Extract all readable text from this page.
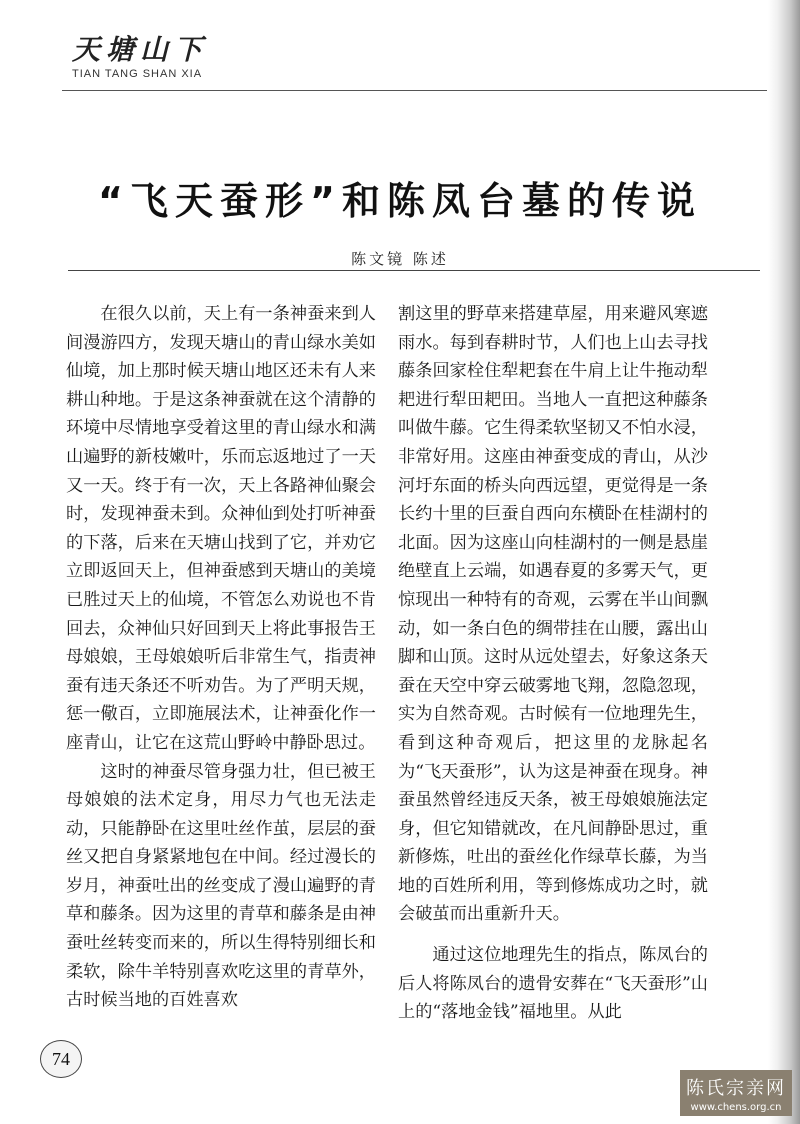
天塘山下
TIAN TANG SHAN XIA
“飞天蚕形”和陈凤台墓的传说
陈文镜 陈述

在很久以前，天上有一条神蚕来到人间漫游四方，发现天塘山的青山绿水美如仙境，加上那时候天塘山地区还未有人来耕山种地。于是这条神蚕就在这个清静的环境中尽情地享受着这里的青山绿水和满山遍野的新枝嫩叶，乐而忘返地过了一天又一天。终于有一次，天上各路神仙聚会时，发现神蚕未到。众神仙到处打听神蚕的下落，后来在天塘山找到了它，并劝它立即返回天上，但神蚕感到天塘山的美境已胜过天上的仙境，不管怎么劝说也不肯回去，众神仙只好回到天上将此事报告王母娘娘，王母娘娘听后非常生气，指责神蚕有违天条还不听劝告。为了严明天规，惩一儆百，立即施展法术，让神蚕化作一座青山，让它在这荒山野岭中静卧思过。

这时的神蚕尽管身强力壮，但已被王母娘娘的法术定身，用尽力气也无法走动，只能静卧在这里吐丝作茧，层层的蚕丝又把自身紧紧地包在中间。经过漫长的岁月，神蚕吐出的丝变成了漫山遍野的青草和藤条。因为这里的青草和藤条是由神蚕吐丝转变而来的，所以生得特别细长和柔软，除牛羊特别喜欢吃这里的青草外，古时候当地的百姓喜欢

割这里的野草来搭建草屋，用来避风寒遮雨水。每到春耕时节，人们也上山去寻找藤条回家栓住犁耙套在牛肩上让牛拖动犁耙进行犁田耙田。当地人一直把这种藤条叫做牛藤。它生得柔软坚韧又不怕水浸，非常好用。这座由神蚕变成的青山，从沙河圩东面的桥头向西远望，更觉得是一条长约十里的巨蚕自西向东横卧在桂湖村的北面。因为这座山向桂湖村的一侧是悬崖绝壁直上云端，如遇春夏的多雾天气，更惊现出一种特有的奇观，云雾在半山间飘动，如一条白色的绸带挂在山腰，露出山脚和山顶。这时从远处望去，好象这条天蚕在天空中穿云破雾地飞翔，忽隐忽现，实为自然奇观。古时候有一位地理先生，看到这种奇观后，把这里的龙脉起名为“飞天蚕形”，认为这是神蚕在现身。神蚕虽然曾经违反天条，被王母娘娘施法定身，但它知错就改，在凡间静卧思过，重新修炼，吐出的蚕丝化作绿草长藤，为当地的百姓所利用，等到修炼成功之时，就会破茧而出重新升天。

通过这位地理先生的指点，陈凤台的后人将陈凤台的遗骨安葬在“飞天蚕形”山上的“落地金钱”福地里。从此

74
陈氏宗亲网
www.chens.org.cn
